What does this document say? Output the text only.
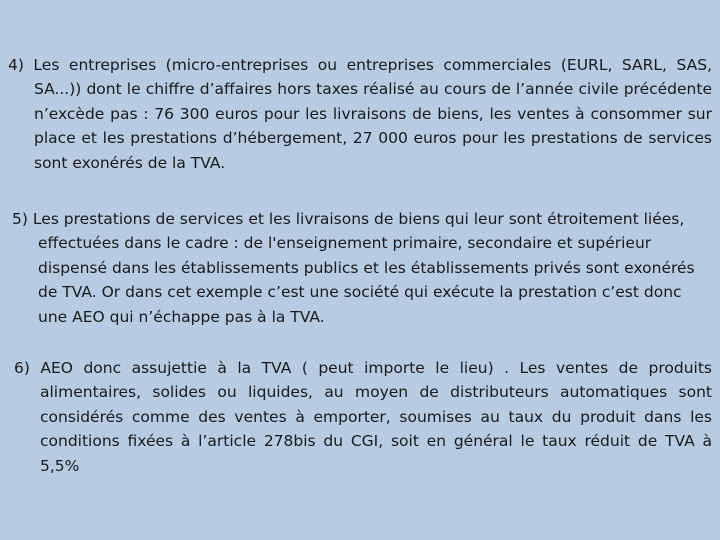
4) Les entreprises (micro-entreprises ou entreprises commerciales (EURL, SARL, SAS, SA...)) dont le chiffre d’affaires hors taxes réalisé au cours de l’année civile précédente n’excède pas : 76 300 euros pour les livraisons de biens, les ventes à consommer sur place et les prestations d’hébergement, 27 000 euros pour les prestations de services sont exonérés de la TVA.

5) Les prestations de services et les livraisons de biens qui leur sont étroitement liées, effectuées dans le cadre : de l'enseignement primaire, secondaire et supérieur dispensé dans les établissements publics et les établissements privés sont exonérés de TVA. Or dans cet exemple c’est une société qui exécute la prestation c’est donc une AEO qui n’échappe pas à la TVA.

6) AEO donc assujettie à la TVA ( peut importe le lieu) . Les ventes de produits alimentaires, solides ou liquides, au moyen de distributeurs automatiques sont considérés comme des ventes à emporter, soumises au taux du produit dans les conditions fixées à l’article 278bis du CGI, soit en général le taux réduit de TVA à 5,5%
